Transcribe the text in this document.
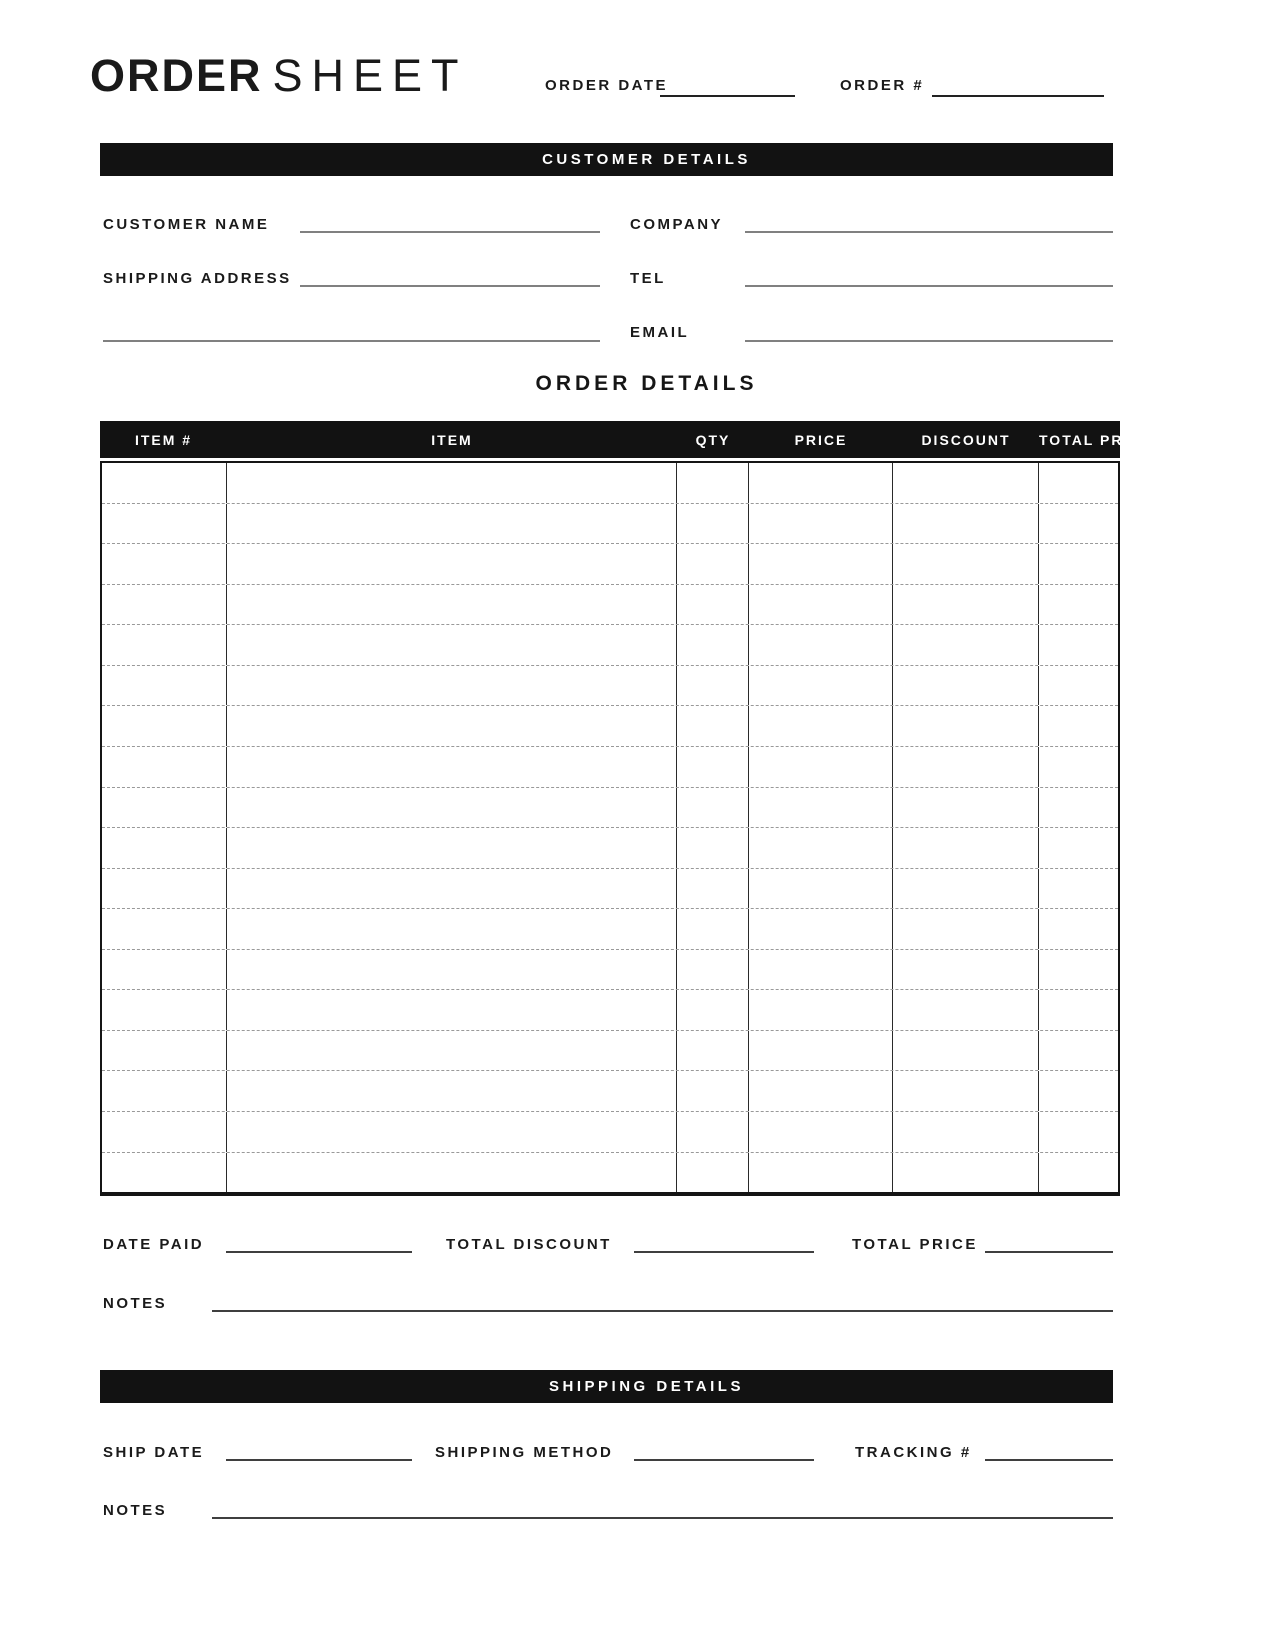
ORDER SHEET	ORDER DATE	ORDER #
CUSTOMER DETAILS
CUSTOMER NAME	COMPANY
SHIPPING ADDRESS	TEL
EMAIL
ORDER DETAILS
ITEM #	ITEM	QTY	PRICE	DISCOUNT	TOTAL PRICE
DATE PAID	TOTAL DISCOUNT	TOTAL PRICE
NOTES
SHIPPING DETAILS
SHIP DATE	SHIPPING METHOD	TRACKING #
NOTES
